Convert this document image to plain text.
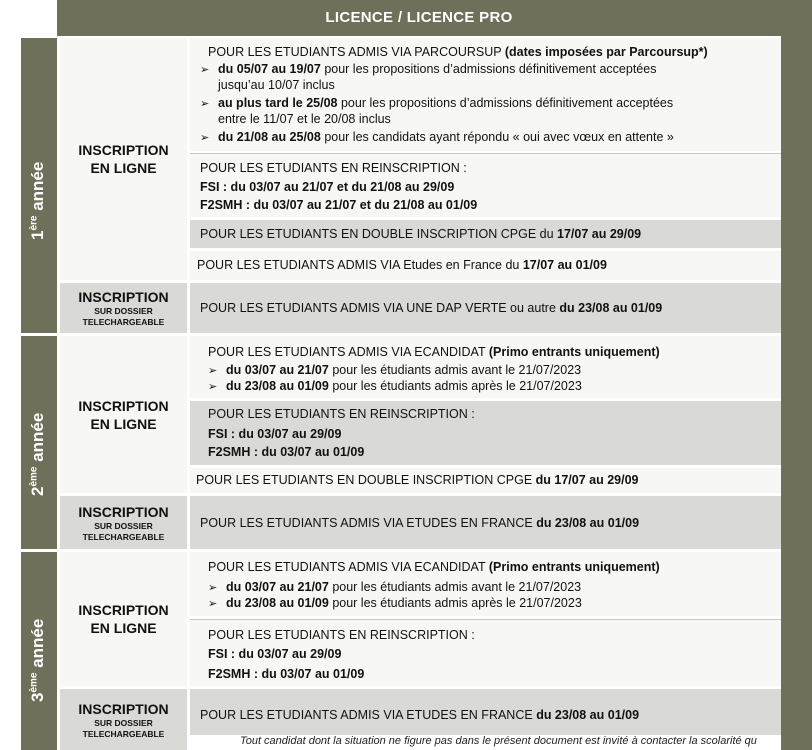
LICENCE / LICENCE PRO
1ère année
2ème année
3ème année
INSCRIPTION
EN LIGNE
INSCRIPTION
SUR DOSSIER
TELECHARGEABLE
INSCRIPTION
EN LIGNE
INSCRIPTION
SUR DOSSIER
TELECHARGEABLE
INSCRIPTION
EN LIGNE
INSCRIPTION
SUR DOSSIER
TELECHARGEABLE
POUR LES ETUDIANTS ADMIS VIA PARCOURSUP (dates imposées par Parcoursup*)
➢ du 05/07 au 19/07 pour les propositions d’admissions définitivement acceptées
jusqu’au 10/07 inclus
➢ au plus tard le 25/08 pour les propositions d’admissions définitivement acceptées
entre le 11/07 et le 20/08 inclus
➢ du 21/08 au 25/08 pour les candidats ayant répondu « oui avec vœux en attente »
POUR LES ETUDIANTS EN REINSCRIPTION :
FSI : du 03/07 au 21/07 et du 21/08 au 29/09
F2SMH : du 03/07 au 21/07 et du 21/08 au 01/09
POUR LES ETUDIANTS EN DOUBLE INSCRIPTION CPGE du 17/07 au 29/09
POUR LES ETUDIANTS ADMIS VIA Etudes en France du 17/07 au 01/09
POUR LES ETUDIANTS ADMIS VIA UNE DAP VERTE ou autre du 23/08 au 01/09
POUR LES ETUDIANTS ADMIS VIA ECANDIDAT (Primo entrants uniquement)
➢ du 03/07 au 21/07 pour les étudiants admis avant le 21/07/2023
➢ du 23/08 au 01/09 pour les étudiants admis après le 21/07/2023
POUR LES ETUDIANTS EN REINSCRIPTION :
FSI : du 03/07 au 29/09
F2SMH : du 03/07 au 01/09
POUR LES ETUDIANTS EN DOUBLE INSCRIPTION CPGE du 17/07 au 29/09
POUR LES ETUDIANTS ADMIS VIA ETUDES EN FRANCE du 23/08 au 01/09
POUR LES ETUDIANTS ADMIS VIA ECANDIDAT (Primo entrants uniquement)
➢ du 03/07 au 21/07 pour les étudiants admis avant le 21/07/2023
➢ du 23/08 au 01/09 pour les étudiants admis après le 21/07/2023
POUR LES ETUDIANTS EN REINSCRIPTION :
FSI : du 03/07 au 29/09
F2SMH : du 03/07 au 01/09
POUR LES ETUDIANTS ADMIS VIA ETUDES EN FRANCE du 23/08 au 01/09
Tout candidat dont la situation ne figure pas dans le présent document est invité à contacter la scolarité qu
